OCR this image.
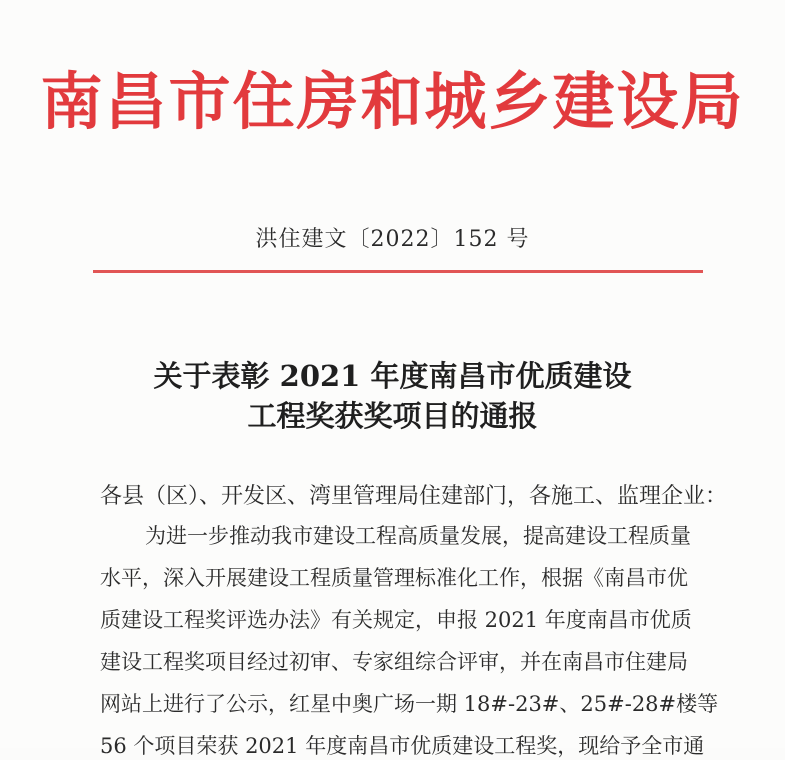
南昌市住房和城乡建设局
洪住建文〔2022〕152 号
关于表彰 2021 年度南昌市优质建设
工程奖获奖项目的通报
各县（区）、开发区、湾里管理局住建部门，各施工、监理企业：
为进一步推动我市建设工程高质量发展，提高建设工程质量
水平，深入开展建设工程质量管理标准化工作，根据《南昌市优
质建设工程奖评选办法》有关规定，申报 2021 年度南昌市优质
建设工程奖项目经过初审、专家组综合评审，并在南昌市住建局
网站上进行了公示，红星中奥广场一期 18#-23#、25#-28#楼等
56 个项目荣获 2021 年度南昌市优质建设工程奖，现给予全市通
